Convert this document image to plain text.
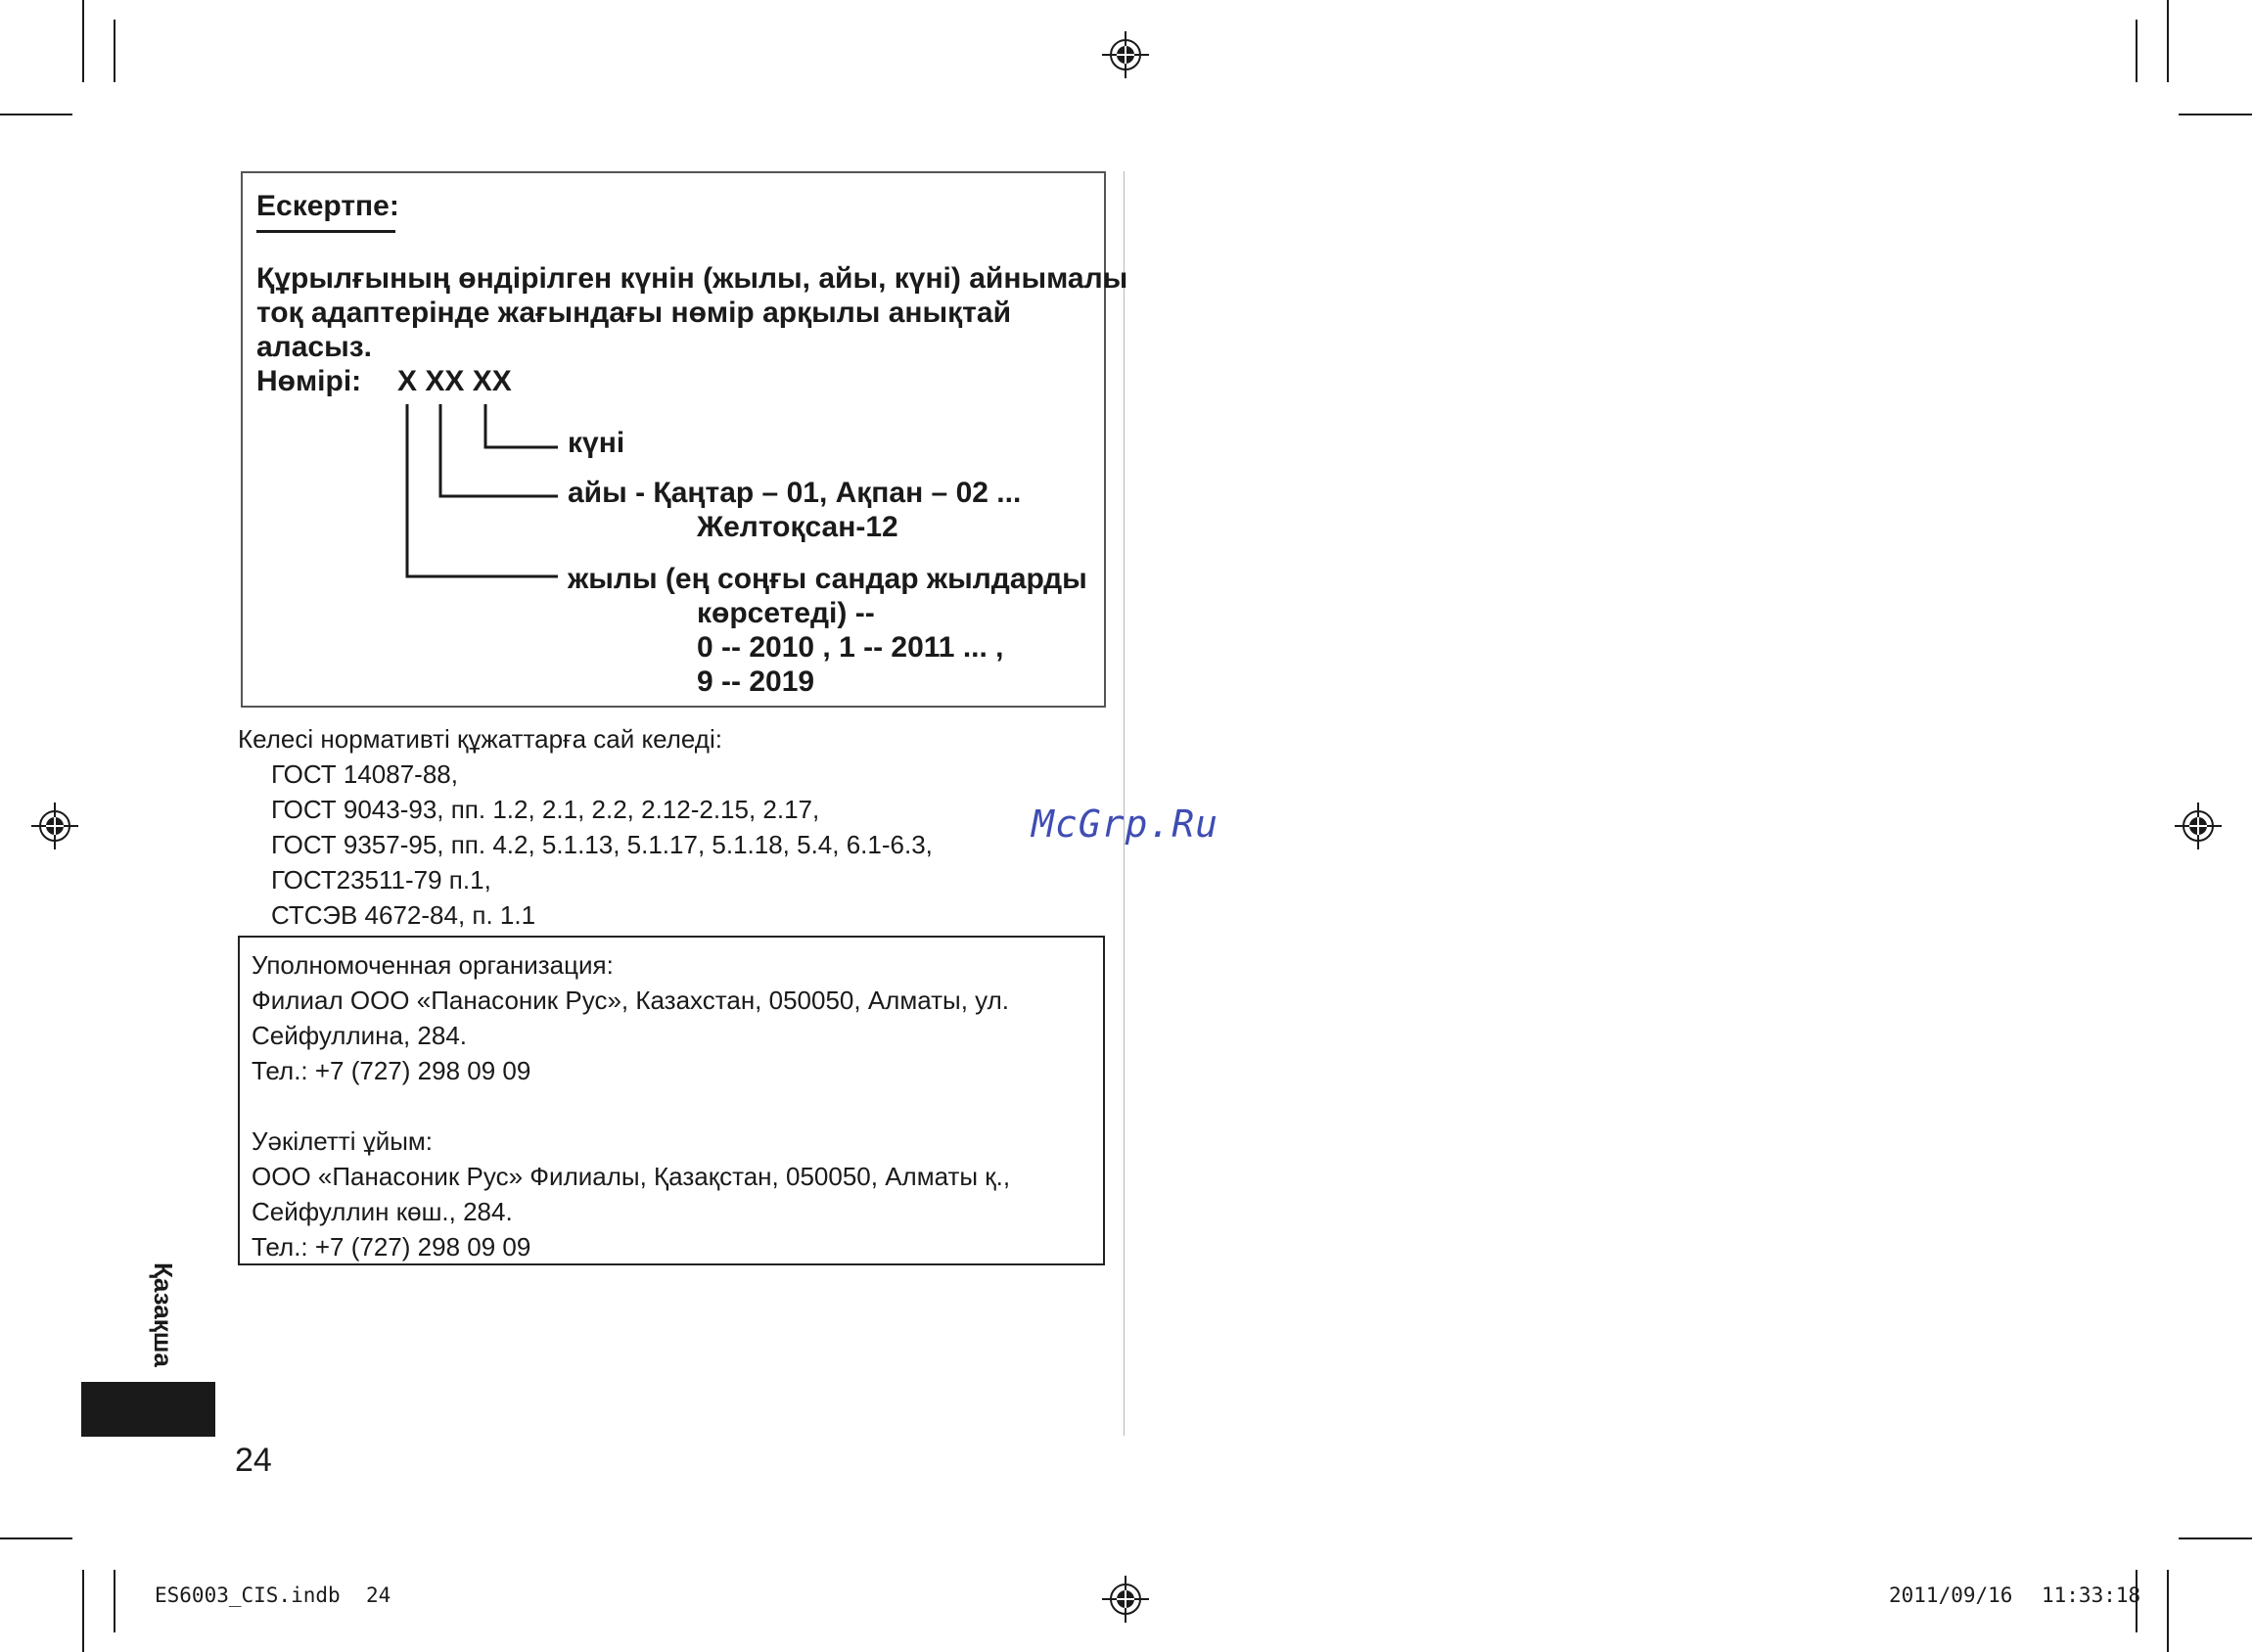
Ескертпе:
Құрылғының өндірілген күнін (жылы, айы, күні) айнымалы
тоқ адаптерінде жағындағы нөмір арқылы анықтай
аласыз.
Нөмірі: X XX XX
күні
айы - Қаңтар – 01, Ақпан – 02 ...
Желтоқсан-12
жылы (ең соңғы сандар жылдарды
көрсетеді) --
0 -- 2010 , 1 -- 2011 ... ,
9 -- 2019
Келесі нормативті құжаттарға сай келеді:
ГОСТ 14087-88,
ГОСТ 9043-93, пп. 1.2, 2.1, 2.2, 2.12-2.15, 2.17,
ГОСТ 9357-95, пп. 4.2, 5.1.13, 5.1.17, 5.1.18, 5.4, 6.1-6.3,
ГОСТ23511-79 п.1,
СТСЭВ 4672-84, п. 1.1
McGrp.Ru
Уполномоченная организация:
Филиал ООО «Панасоник Рус», Казахстан, 050050, Алматы, ул.
Сейфуллина, 284.
Тел.: +7 (727) 298 09 09
Уәкілетті ұйым:
ООО «Панасоник Рус» Филиалы, Қазақстан, 050050, Алматы қ.,
Сейфуллин көш., 284.
Тел.: +7 (727) 298 09 09
Қазақша
24
ES6003_CIS.indb 24	2011/09/16 11:33:18
